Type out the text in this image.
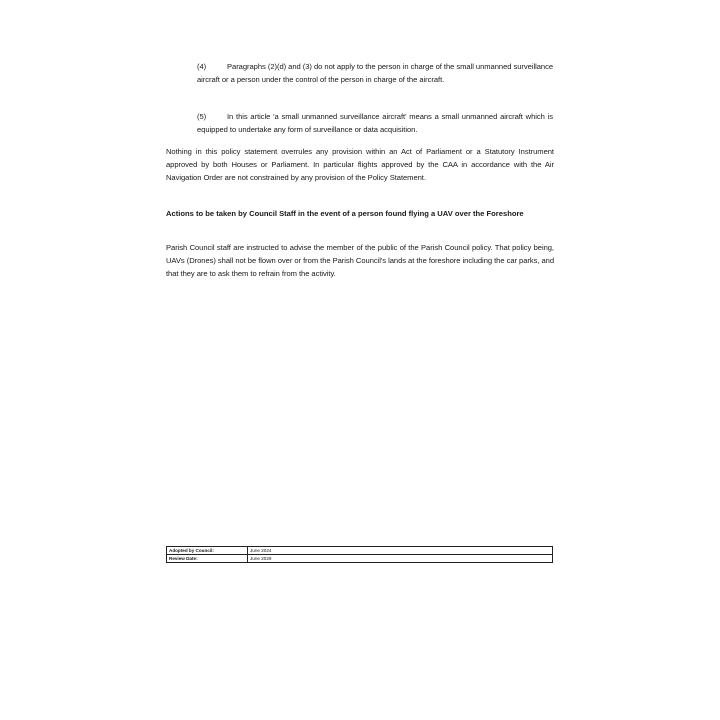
(4)	Paragraphs (2)(d) and (3) do not apply to the person in charge of the small unmanned surveillance aircraft or a person under the control of the person in charge of the aircraft.
(5)	In this article 'a small unmanned surveillance aircraft' means a small unmanned aircraft which is equipped to undertake any form of surveillance or data acquisition.
Nothing in this policy statement overrules any provision within an Act of Parliament or a Statutory Instrument approved by both Houses or Parliament. In particular flights approved by the CAA in accordance with the Air Navigation Order are not constrained by any provision of the Policy Statement.
Actions to be taken by Council Staff in the event of a person found flying a UAV over the Foreshore
Parish Council staff are instructed to advise the member of the public of the Parish Council policy. That policy being, UAVs (Drones) shall not be flown over or from the Parish Council's lands at the foreshore including the car parks, and that they are to ask them to refrain from the activity.
Adopted by Council:	June 2024
Review Date:	June 2029
